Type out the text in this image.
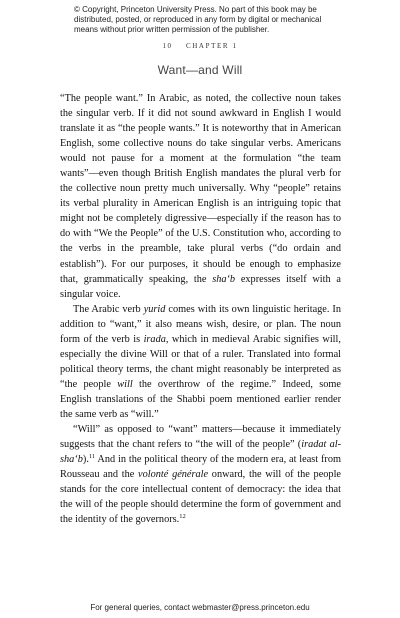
© Copyright, Princeton University Press. No part of this book may be distributed, posted, or reproduced in any form by digital or mechanical means without prior written permission of the publisher.
10 CHAPTER 1
Want—and Will

“The people want.” In Arabic, as noted, the collective noun takes the singular verb. If it did not sound awkward in English I would translate it as “the people wants.” It is noteworthy that in American English, some collective nouns do take singular verbs. Americans would not pause for a moment at the formulation “the team wants”—even though British English mandates the plural verb for the collective noun pretty much universally. Why “people” retains its verbal plurality in American English is an intriguing topic that might not be completely digressive—especially if the reason has to do with “We the People” of the U.S. Constitution who, according to the verbs in the preamble, take plural verbs (“do ordain and establish”). For our purposes, it should be enough to emphasize that, grammatically speaking, the sha‘b expresses itself with a singular voice.

The Arabic verb yurid comes with its own linguistic heritage. In addition to “want,” it also means wish, desire, or plan. The noun form of the verb is irada, which in medieval Arabic signifies will, especially the divine Will or that of a ruler. Translated into formal political theory terms, the chant might reasonably be interpreted as “the people will the overthrow of the regime.” Indeed, some English translations of the Shabbi poem mentioned earlier render the same verb as “will.”

“Will” as opposed to “want” matters—because it immediately suggests that the chant refers to “the will of the people” (iradat al-sha‘b).$^{11}$ And in the political theory of the modern era, at least from Rousseau and the volonté générale onward, the will of the people stands for the core intellectual content of democracy: the idea that the will of the people should determine the form of government and the identity of the governors.$^{12}$

For general queries, contact webmaster@press.princeton.edu
